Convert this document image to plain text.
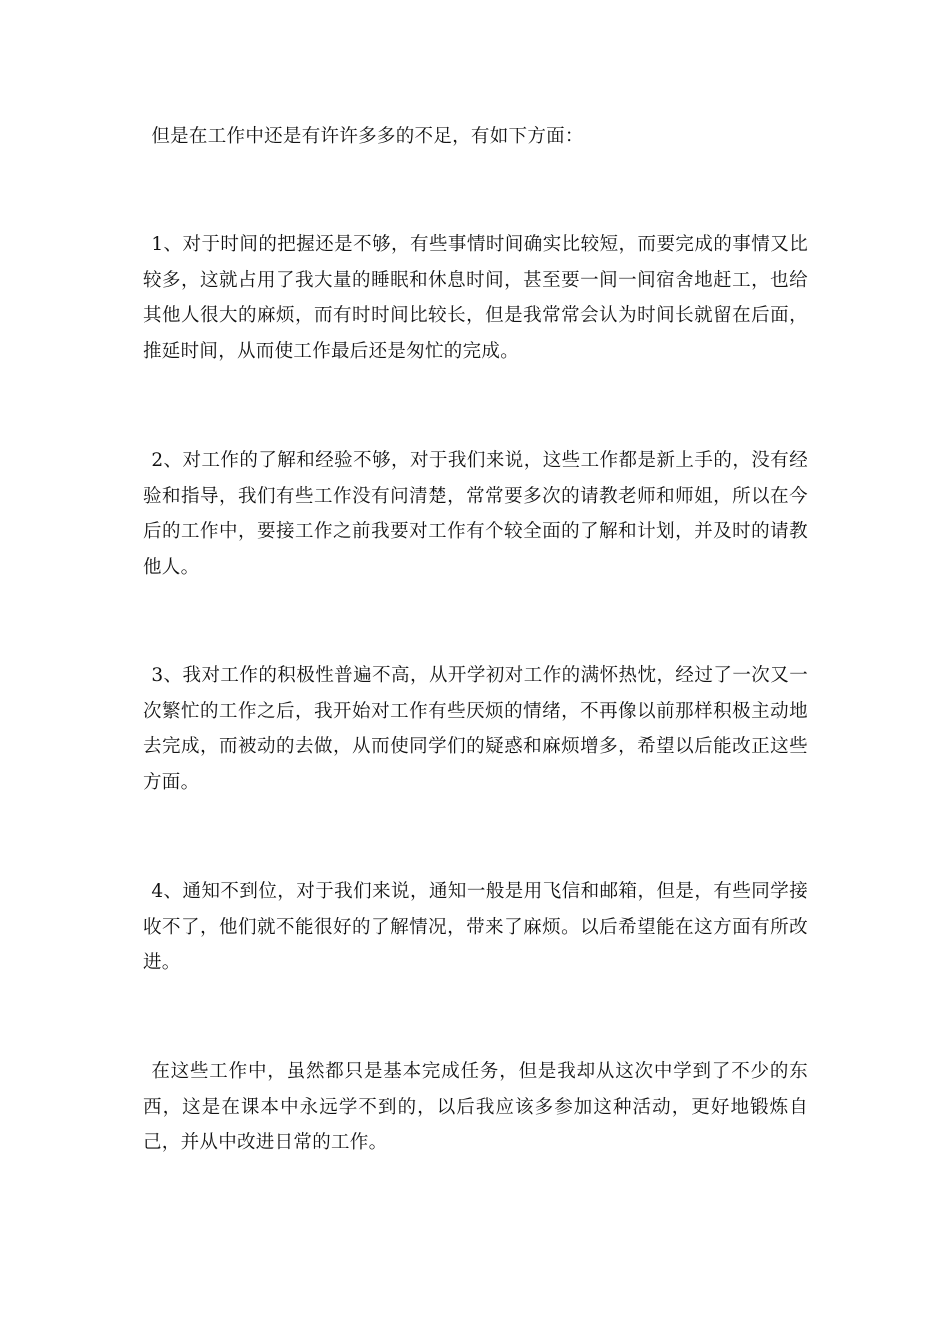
但是在工作中还是有许许多多的不足，有如下方面：

1、对于时间的把握还是不够，有些事情时间确实比较短，而要完成的事情又比较多，这就占用了我大量的睡眠和休息时间，甚至要一间一间宿舍地赶工，也给其他人很大的麻烦，而有时时间比较长，但是我常常会认为时间长就留在后面，推延时间，从而使工作最后还是匆忙的完成。

2、对工作的了解和经验不够，对于我们来说，这些工作都是新上手的，没有经验和指导，我们有些工作没有问清楚，常常要多次的请教老师和师姐，所以在今后的工作中，要接工作之前我要对工作有个较全面的了解和计划，并及时的请教他人。

3、我对工作的积极性普遍不高，从开学初对工作的满怀热忱，经过了一次又一次繁忙的工作之后，我开始对工作有些厌烦的情绪，不再像以前那样积极主动地去完成，而被动的去做，从而使同学们的疑惑和麻烦增多，希望以后能改正这些方面。

4、通知不到位，对于我们来说，通知一般是用飞信和邮箱，但是，有些同学接收不了，他们就不能很好的了解情况，带来了麻烦。以后希望能在这方面有所改进。

在这些工作中，虽然都只是基本完成任务，但是我却从这次中学到了不少的东西，这是在课本中永远学不到的，以后我应该多参加这种活动，更好地锻炼自己，并从中改进日常的工作。
